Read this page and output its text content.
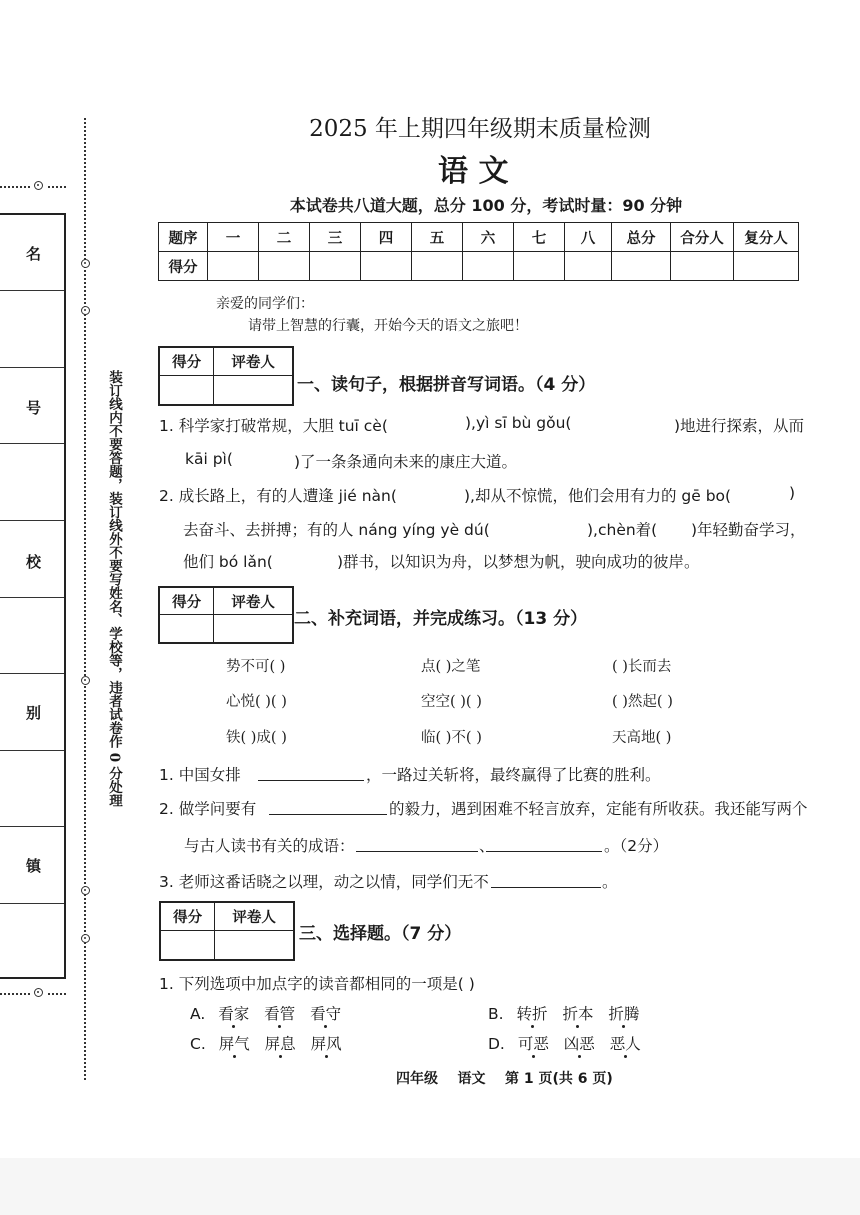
名
号
校
别
镇
装订线内不要答题，装订线外不要写姓名、学校等，违者试卷作 0 分处理
2025 年上期四年级期末质量检测
语 文
本试卷共八道大题，总分 100 分，考试时量：90 分钟
题序	一	二	三	四	五	六	七	八	总分	合分人	复分人
得分											
亲爱的同学们：
请带上智慧的行囊，开始今天的语文之旅吧！
得分	评卷人

一、读句子，根据拼音写词语。（4 分）
1. 科学家打破常规，大胆 tuī cè(	),yì sī bù gǒu(	)地进行探索，从而
kāi pì(	)了一条条通向未来的康庄大道。
2. 成长路上，有的人遭逢 jié nàn(	),却从不惊慌，他们会用有力的 gē bo(	)
去奋斗、去拼搏；有的人 náng yíng yè dú(	),chèn着( )年轻勤奋学习，
他们 bó lǎn(	)群书，以知识为舟，以梦想为帆，驶向成功的彼岸。
得分	评卷人

二、补充词语，并完成练习。（13 分）
势不可( )	点( )之笔	( )长而去
心悦( )( )	空空( )( )	( )然起( )
铁( )成( )	临( )不( )	天高地( )
1. 中国女排	，一路过关斩将，最终赢得了比赛的胜利。
2. 做学问要有	的毅力，遇到困难不轻言放弃，定能有所收获。我还能写两个
与古人读书有关的成语：	、	。（2分）
3. 老师这番话晓之以理，动之以情，同学们无不	。
得分	评卷人

三、选择题。（7 分）
1. 下列选项中加点字的读音都相同的一项是( )
A. 看家 看管 看守	B. 转折 折本 折腾
C. 屏气 屏息 屏风	D. 可恶 凶恶 恶人
四年级    语文    第 1 页(共 6 页)
